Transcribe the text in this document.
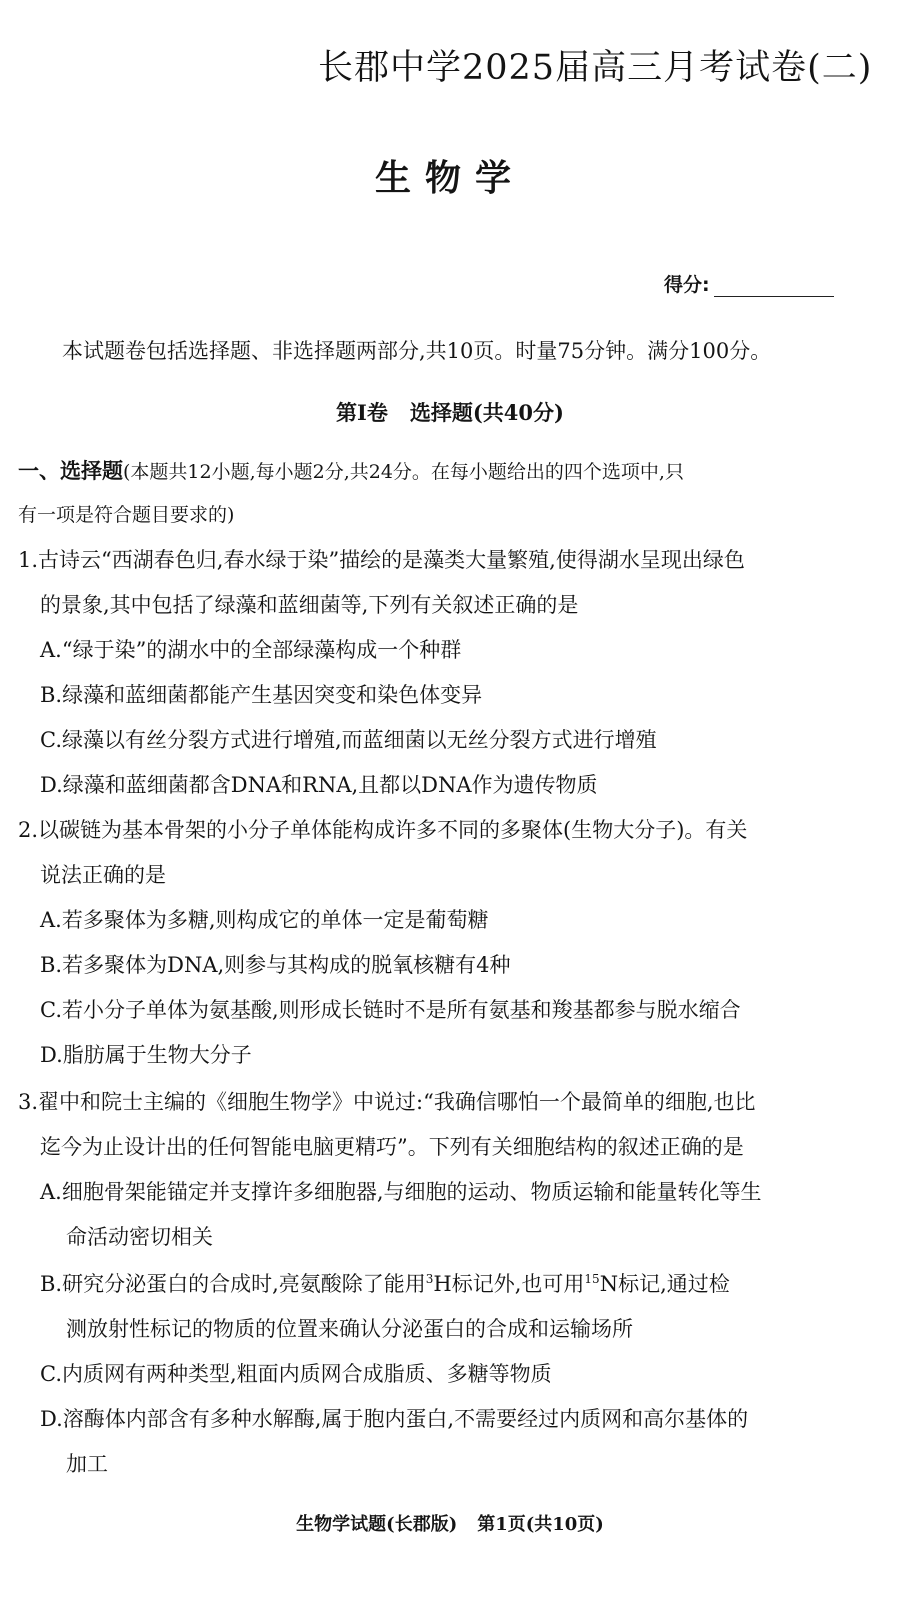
长郡中学2025届高三月考试卷(二)
生物学
得分:
本试题卷包括选择题、非选择题两部分,共10页。时量75分钟。满分100分。
第Ⅰ卷 选择题(共40分)
一、选择题(本题共12小题,每小题2分,共24分。在每小题给出的四个选项中,只
有一项是符合题目要求的)
1.古诗云“西湖春色归,春水绿于染”描绘的是藻类大量繁殖,使得湖水呈现出绿色
的景象,其中包括了绿藻和蓝细菌等,下列有关叙述正确的是
A.“绿于染”的湖水中的全部绿藻构成一个种群
B.绿藻和蓝细菌都能产生基因突变和染色体变异
C.绿藻以有丝分裂方式进行增殖,而蓝细菌以无丝分裂方式进行增殖
D.绿藻和蓝细菌都含DNA和RNA,且都以DNA作为遗传物质
2.以碳链为基本骨架的小分子单体能构成许多不同的多聚体(生物大分子)。有关
说法正确的是
A.若多聚体为多糖,则构成它的单体一定是葡萄糖
B.若多聚体为DNA,则参与其构成的脱氧核糖有4种
C.若小分子单体为氨基酸,则形成长链时不是所有氨基和羧基都参与脱水缩合
D.脂肪属于生物大分子
3.翟中和院士主编的《细胞生物学》中说过:“我确信哪怕一个最简单的细胞,也比
迄今为止设计出的任何智能电脑更精巧”。下列有关细胞结构的叙述正确的是
A.细胞骨架能锚定并支撑许多细胞器,与细胞的运动、物质运输和能量转化等生
命活动密切相关
B.研究分泌蛋白的合成时,亮氨酸除了能用$^3$H标记外,也可用$^{15}$N标记,通过检
测放射性标记的物质的位置来确认分泌蛋白的合成和运输场所
C.内质网有两种类型,粗面内质网合成脂质、多糖等物质
D.溶酶体内部含有多种水解酶,属于胞内蛋白,不需要经过内质网和高尔基体的
加工
生物学试题(长郡版) 第1页(共10页)
